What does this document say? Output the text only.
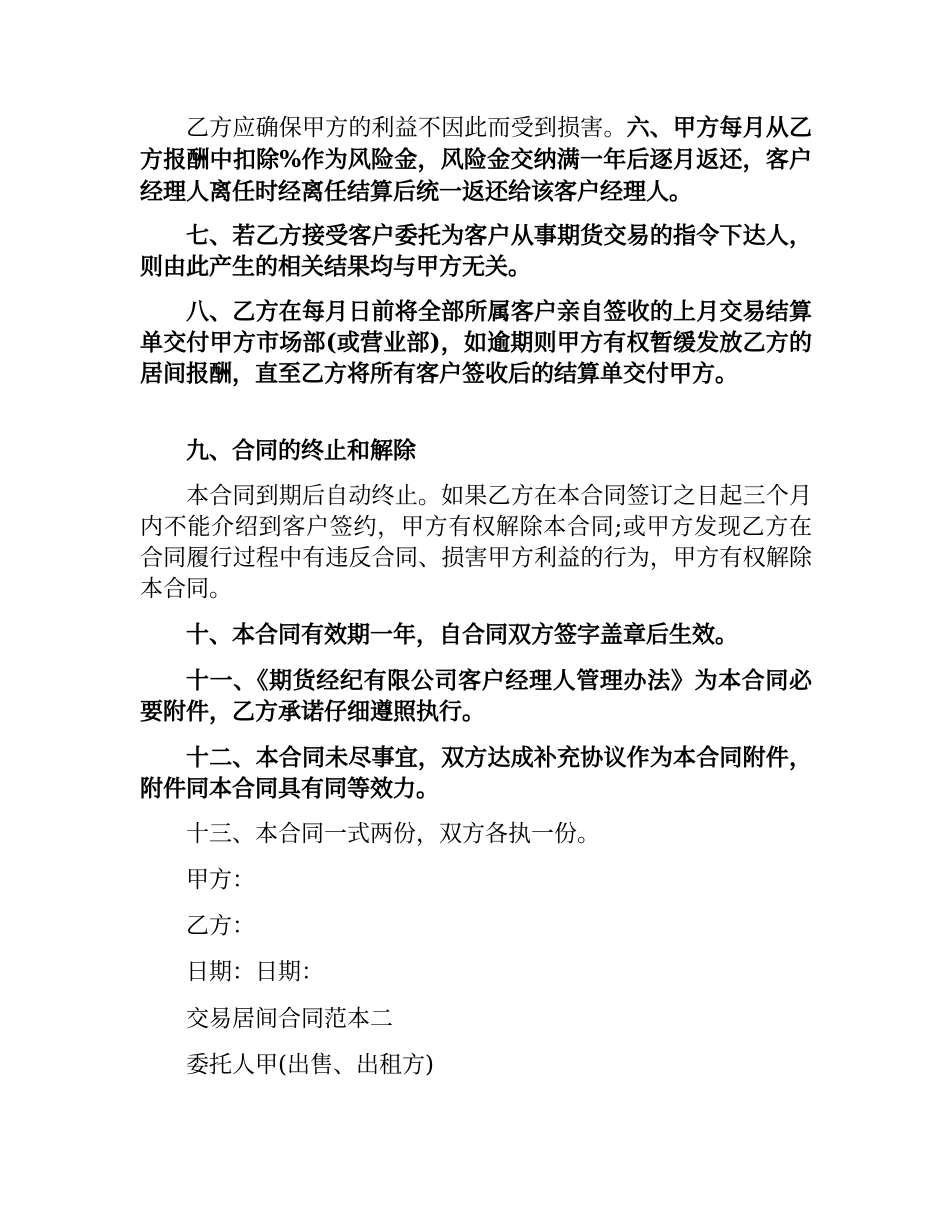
乙方应确保甲方的利益不因此而受到损害。六、甲方每月从乙方报酬中扣除%作为风险金，风险金交纳满一年后逐月返还，客户经理人离任时经离任结算后统一返还给该客户经理人。

七、若乙方接受客户委托为客户从事期货交易的指令下达人，则由此产生的相关结果均与甲方无关。

八、乙方在每月日前将全部所属客户亲自签收的上月交易结算单交付甲方市场部(或营业部)，如逾期则甲方有权暂缓发放乙方的居间报酬，直至乙方将所有客户签收后的结算单交付甲方。

九、合同的终止和解除

本合同到期后自动终止。如果乙方在本合同签订之日起三个月内不能介绍到客户签约，甲方有权解除本合同;或甲方发现乙方在合同履行过程中有违反合同、损害甲方利益的行为，甲方有权解除本合同。

十、本合同有效期一年，自合同双方签字盖章后生效。

十一、《期货经纪有限公司客户经理人管理办法》为本合同必要附件，乙方承诺仔细遵照执行。

十二、本合同未尽事宜，双方达成补充协议作为本合同附件，附件同本合同具有同等效力。

十三、本合同一式两份，双方各执一份。

甲方：

乙方：

日期：日期：

交易居间合同范本二

委托人甲(出售、出租方)
